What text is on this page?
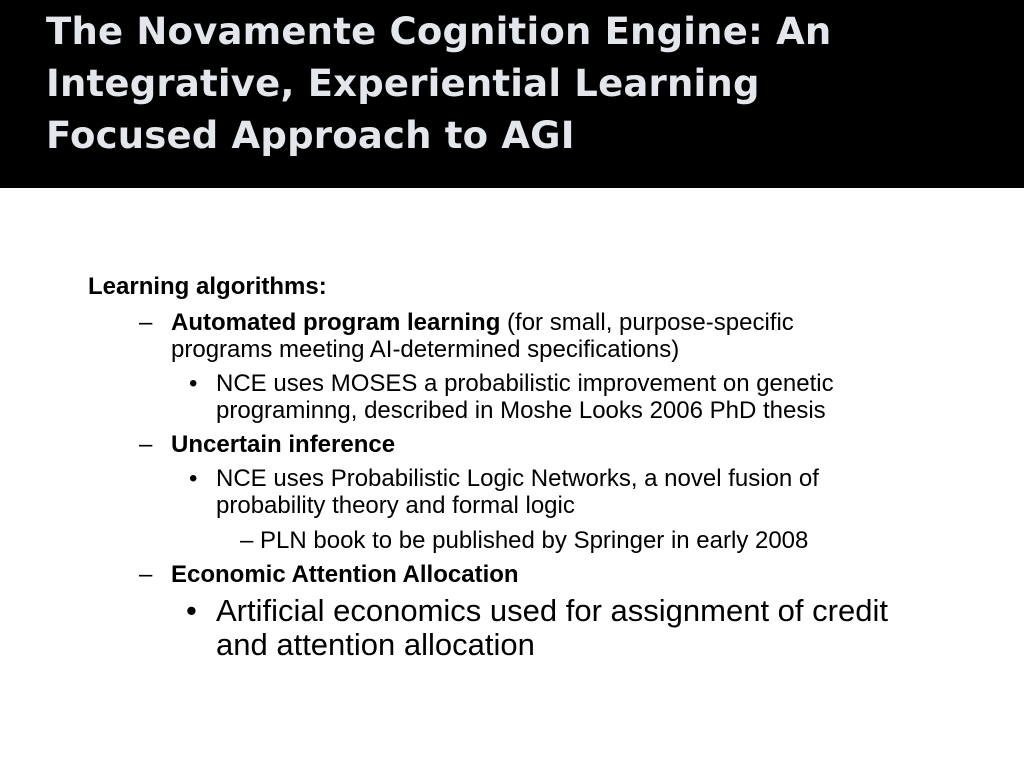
The Novamente Cognition Engine: An
Integrative, Experiential Learning
Focused Approach to AGI
Learning algorithms:
– Automated program learning (for small, purpose-specific
programs meeting AI-determined specifications)
• NCE uses MOSES a probabilistic improvement on genetic
programinng, described in Moshe Looks 2006 PhD thesis
– Uncertain inference
• NCE uses Probabilistic Logic Networks, a novel fusion of
probability theory and formal logic
– PLN book to be published by Springer in early 2008
– Economic Attention Allocation
• Artificial economics used for assignment of credit
and attention allocation
